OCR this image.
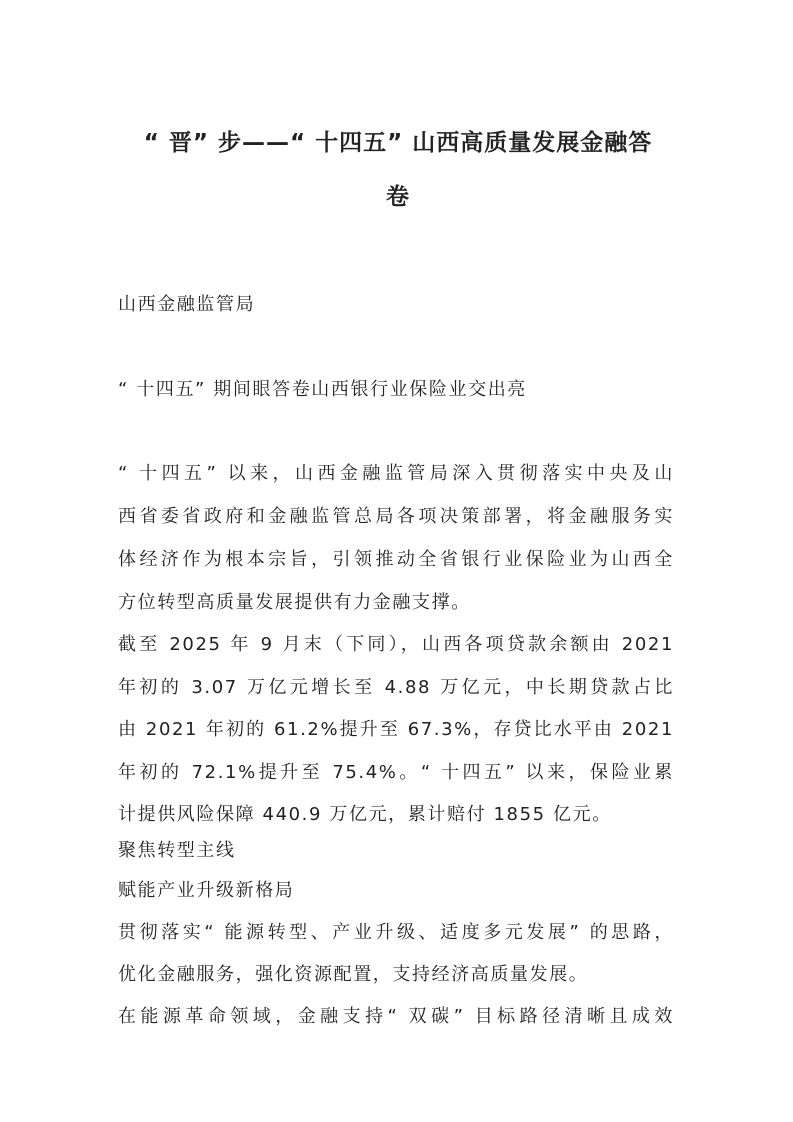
“ 晋” 步——“ 十四五” 山西高质量发展金融答
卷
山西金融监管局
“ 十四五” 期间眼答卷山西银行业保险业交出亮
“ 十四五” 以来，山西金融监管局深入贯彻落实中央及山
西省委省政府和金融监管总局各项决策部署，将金融服务实
体经济作为根本宗旨，引领推动全省银行业保险业为山西全
方位转型高质量发展提供有力金融支撑。
截至 2025 年 9 月末（下同），山西各项贷款余额由 2021
年初的 3.07 万亿元增长至 4.88 万亿元，中长期贷款占比
由 2021 年初的 61.2%提升至 67.3%，存贷比水平由 2021
年初的 72.1%提升至 75.4%。“ 十四五” 以来，保险业累
计提供风险保障 440.9 万亿元，累计赔付 1855 亿元。
聚焦转型主线
赋能产业升级新格局
贯彻落实“ 能源转型、产业升级、适度多元发展” 的思路，
优化金融服务，强化资源配置，支持经济高质量发展。
在能源革命领域，金融支持“ 双碳” 目标路径清晰且成效
